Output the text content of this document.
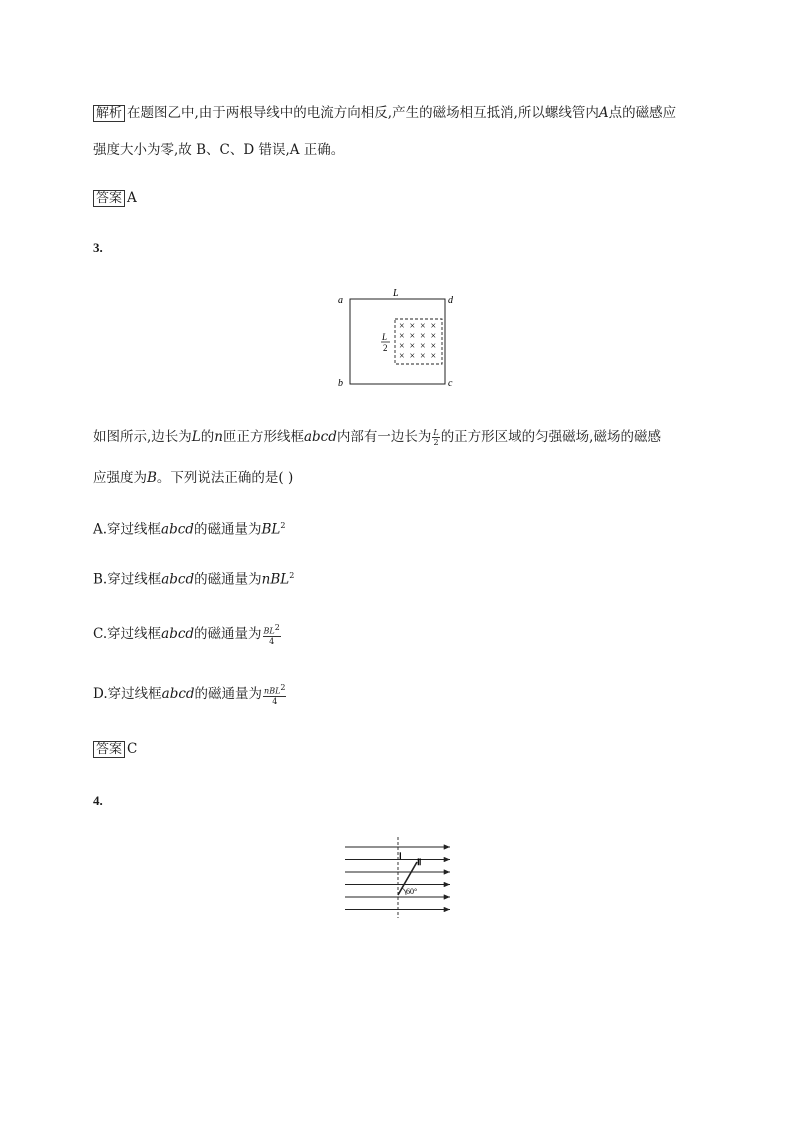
解析 在题图乙中,由于两根导线中的电流方向相反,产生的磁场相互抵消,所以螺线管内A点的磁感应
强度大小为零,故 B、C、D 错误,A 正确。
答案 A
3.
a	d
b	c
L
L
2
× × × ×
× × × ×
× × × ×
× × × ×
如图所示,边长为L的n匝正方形线框abcd内部有一边长为 $\frac{L}{2}$ 的正方形区域的匀强磁场,磁场的磁感
应强度为B。下列说法正确的是( )
A.穿过线框abcd的磁通量为$BL^2$
B.穿过线框abcd的磁通量为nBL$^2$
C.穿过线框abcd的磁通量为 $\frac{BL^2}{4}$
D.穿过线框abcd的磁通量为 $\frac{nBL^2}{4}$
答案 C
4.
Ⅰ
Ⅱ
60°
